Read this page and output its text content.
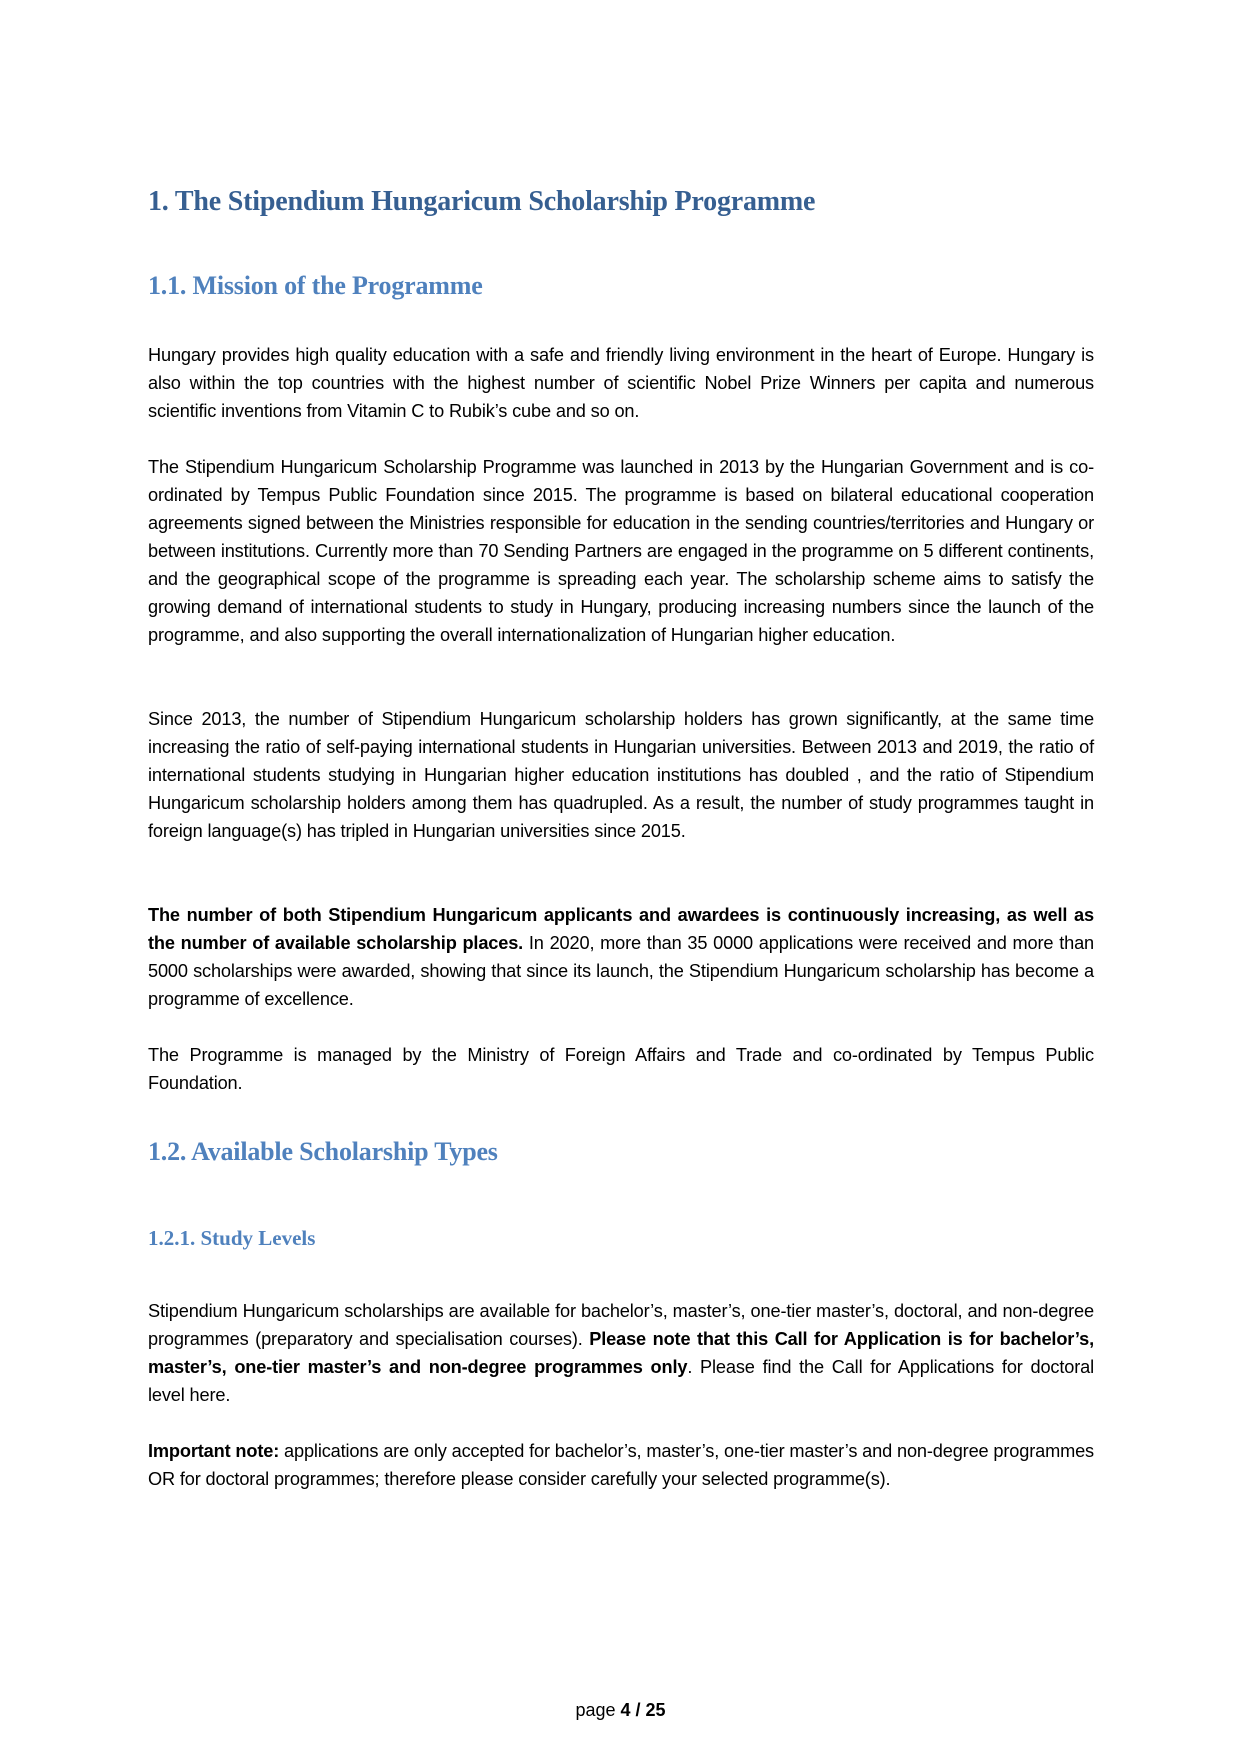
1. The Stipendium Hungaricum Scholarship Programme
1.1. Mission of the Programme

Hungary provides high quality education with a safe and friendly living environment in the heart of Europe. Hungary is also within the top countries with the highest number of scientific Nobel Prize Winners per capita and numerous scientific inventions from Vitamin C to Rubik’s cube and so on.

The Stipendium Hungaricum Scholarship Programme was launched in 2013 by the Hungarian Government and is co-ordinated by Tempus Public Foundation since 2015. The programme is based on bilateral educational cooperation agreements signed between the Ministries responsible for education in the sending countries/territories and Hungary or between institutions. Currently more than 70 Sending Partners are engaged in the programme on 5 different continents, and the geographical scope of the programme is spreading each year. The scholarship scheme aims to satisfy the growing demand of international students to study in Hungary, producing increasing numbers since the launch of the programme, and also supporting the overall internationalization of Hungarian higher education.

Since 2013, the number of Stipendium Hungaricum scholarship holders has grown significantly, at the same time increasing the ratio of self-paying international students in Hungarian universities. Between 2013 and 2019, the ratio of international students studying in Hungarian higher education institutions has doubled , and the ratio of Stipendium Hungaricum scholarship holders among them has quadrupled. As a result, the number of study programmes taught in foreign language(s) has tripled in Hungarian universities since 2015.

The number of both Stipendium Hungaricum applicants and awardees is continuously increasing, as well as the number of available scholarship places. In 2020, more than 35 0000 applications were received and more than 5000 scholarships were awarded, showing that since its launch, the Stipendium Hungaricum scholarship has become a programme of excellence.

The Programme is managed by the Ministry of Foreign Affairs and Trade and co-ordinated by Tempus Public Foundation.

1.2. Available Scholarship Types
1.2.1. Study Levels

Stipendium Hungaricum scholarships are available for bachelor’s, master’s, one-tier master’s, doctoral, and non-degree programmes (preparatory and specialisation courses). Please note that this Call for Application is for bachelor’s, master’s, one-tier master’s and non-degree programmes only. Please find the Call for Applications for doctoral level here.

Important note: applications are only accepted for bachelor’s, master’s, one-tier master’s and non-degree programmes OR for doctoral programmes; therefore please consider carefully your selected programme(s).

page 4 / 25
